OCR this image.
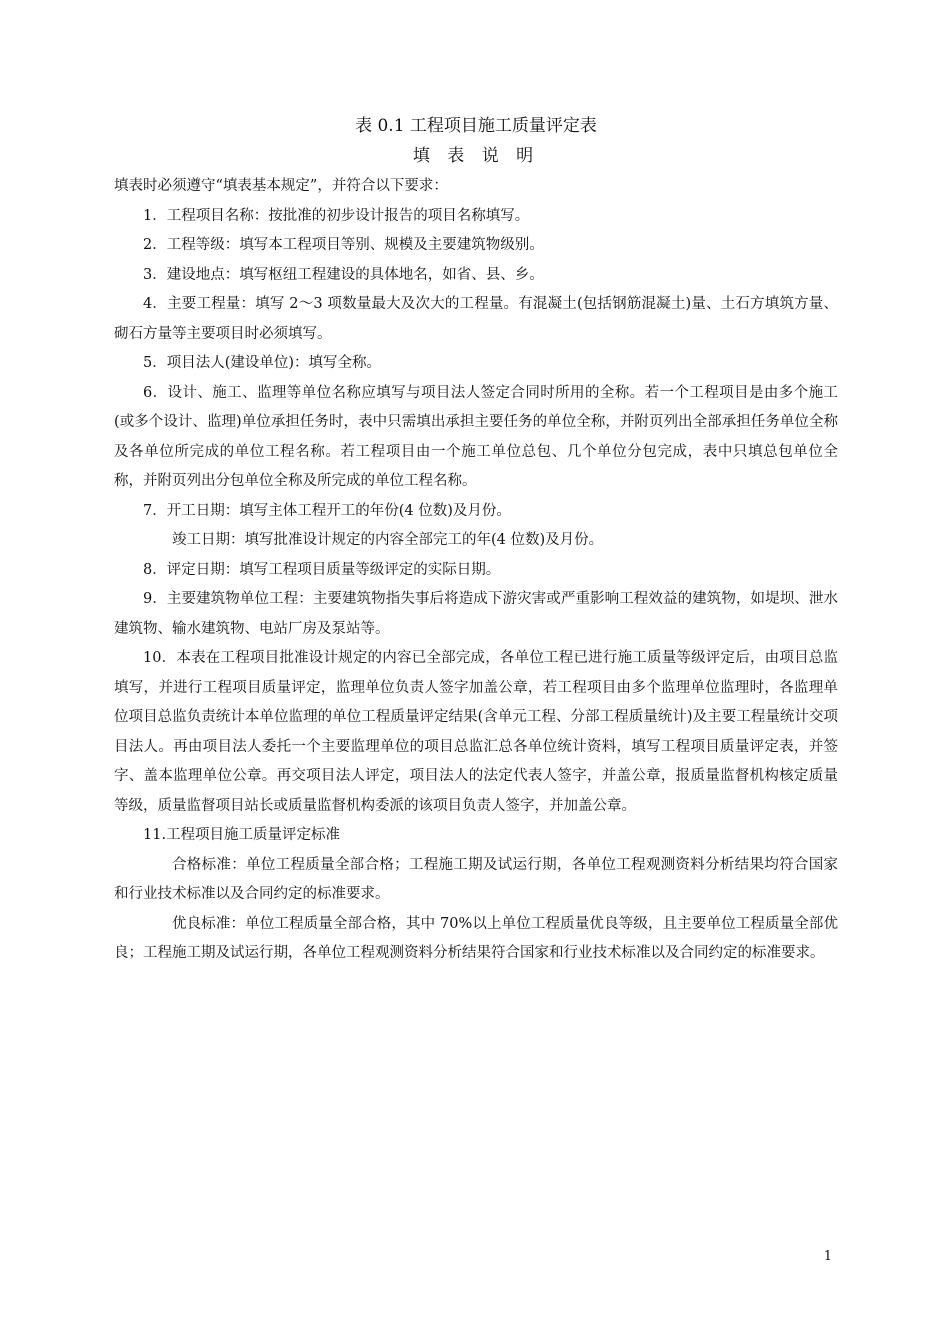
表 0.1 工程项目施工质量评定表

填 表 说 明

填表时必须遵守“填表基本规定”，并符合以下要求：

1．工程项目名称：按批准的初步设计报告的项目名称填写。

2．工程等级：填写本工程项目等别、规模及主要建筑物级别。

3．建设地点：填写枢纽工程建设的具体地名，如省、县、乡。

4．主要工程量：填写 2～3 项数量最大及次大的工程量。有混凝土(包括钢筋混凝土)量、土石方填筑方量、砌石方量等主要项目时必须填写。

5．项目法人(建设单位)：填写全称。

6．设计、施工、监理等单位名称应填写与项目法人签定合同时所用的全称。若一个工程项目是由多个施工(或多个设计、监理)单位承担任务时，表中只需填出承担主要任务的单位全称，并附页列出全部承担任务单位全称及各单位所完成的单位工程名称。若工程项目由一个施工单位总包、几个单位分包完成，表中只填总包单位全称，并附页列出分包单位全称及所完成的单位工程名称。

7．开工日期：填写主体工程开工的年份(4 位数)及月份。

竣工日期：填写批准设计规定的内容全部完工的年(4 位数)及月份。

8．评定日期：填写工程项目质量等级评定的实际日期。

9．主要建筑物单位工程：主要建筑物指失事后将造成下游灾害或严重影响工程效益的建筑物，如堤坝、泄水建筑物、输水建筑物、电站厂房及泵站等。

10．本表在工程项目批准设计规定的内容已全部完成，各单位工程已进行施工质量等级评定后，由项目总监填写，并进行工程项目质量评定，监理单位负责人签字加盖公章，若工程项目由多个监理单位监理时，各监理单位项目总监负责统计本单位监理的单位工程质量评定结果(含单元工程、分部工程质量统计)及主要工程量统计交项目法人。再由项目法人委托一个主要监理单位的项目总监汇总各单位统计资料，填写工程项目质量评定表，并签字、盖本监理单位公章。再交项目法人评定，项目法人的法定代表人签字，并盖公章，报质量监督机构核定质量等级，质量监督项目站长或质量监督机构委派的该项目负责人签字，并加盖公章。

11.工程项目施工质量评定标准

合格标准：单位工程质量全部合格；工程施工期及试运行期，各单位工程观测资料分析结果均符合国家和行业技术标准以及合同约定的标准要求。

优良标准：单位工程质量全部合格，其中 70%以上单位工程质量优良等级，且主要单位工程质量全部优良；工程施工期及试运行期，各单位工程观测资料分析结果符合国家和行业技术标准以及合同约定的标准要求。

1
